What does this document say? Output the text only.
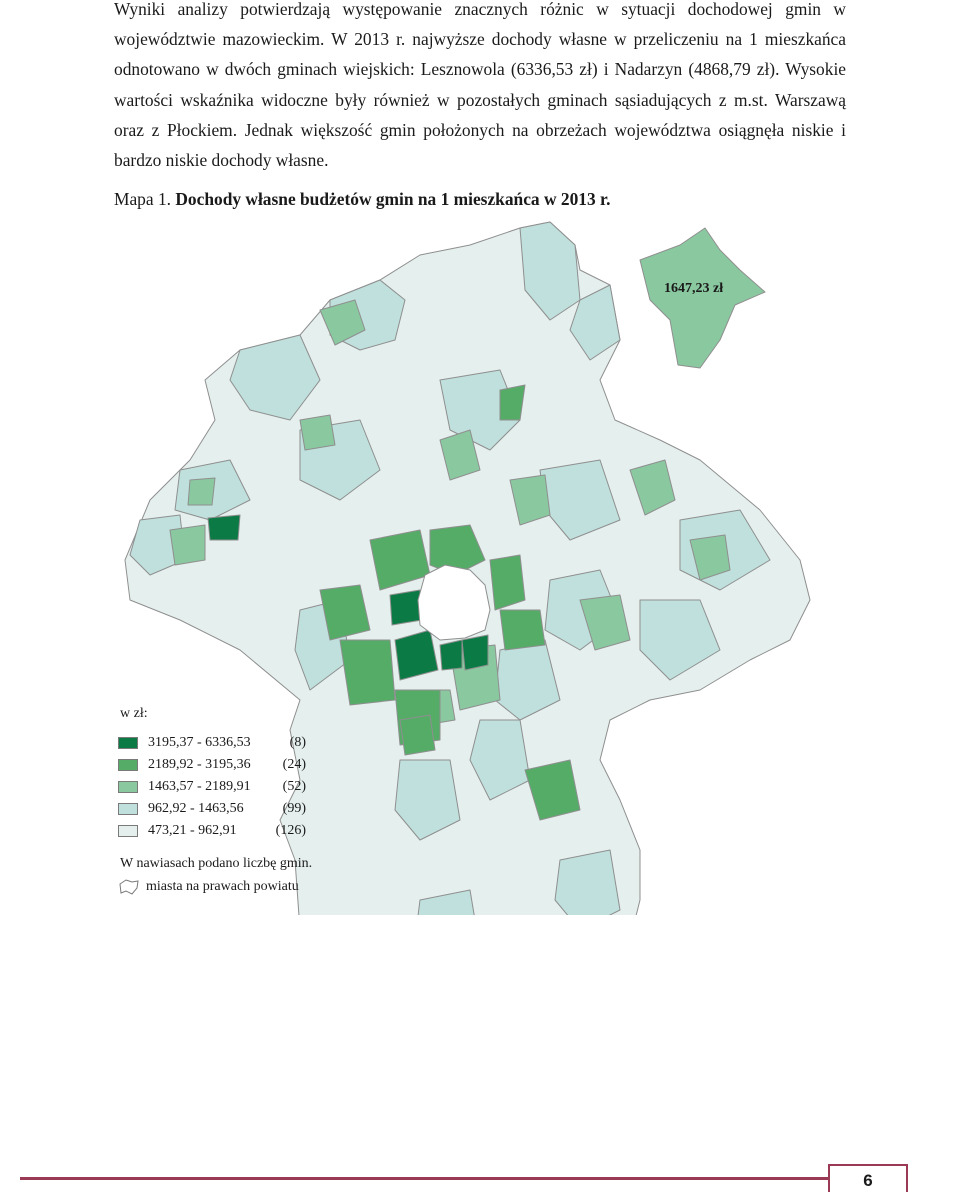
Wyniki analizy potwierdzają występowanie znacznych różnic w sytuacji dochodowej gmin w województwie mazowieckim. W 2013 r. najwyższe dochody własne w przeliczeniu na 1 mieszkańca odnotowano w dwóch gminach wiejskich: Lesznowola (6336,53 zł) i Nadarzyn (4868,79 zł). Wysokie wartości wskaźnika widoczne były również w pozostałych gminach sąsiadujących z m.st. Warszawą oraz z Płockiem. Jednak większość gmin położonych na obrzeżach województwa osiągnęła niskie i bardzo niskie dochody własne.

Mapa 1. Dochody własne budżetów gmin na 1 mieszkańca w 2013 r.

1647,23 zł
w zł:
3195,37 - 6336,53	(8)
2189,92 - 3195,36	(24)
1463,57 - 2189,91	(52)
962,92 - 1463,56	(99)
473,21 - 962,91	(126)
W nawiasach podano liczbę gmin.
miasta na prawach powiatu
6
